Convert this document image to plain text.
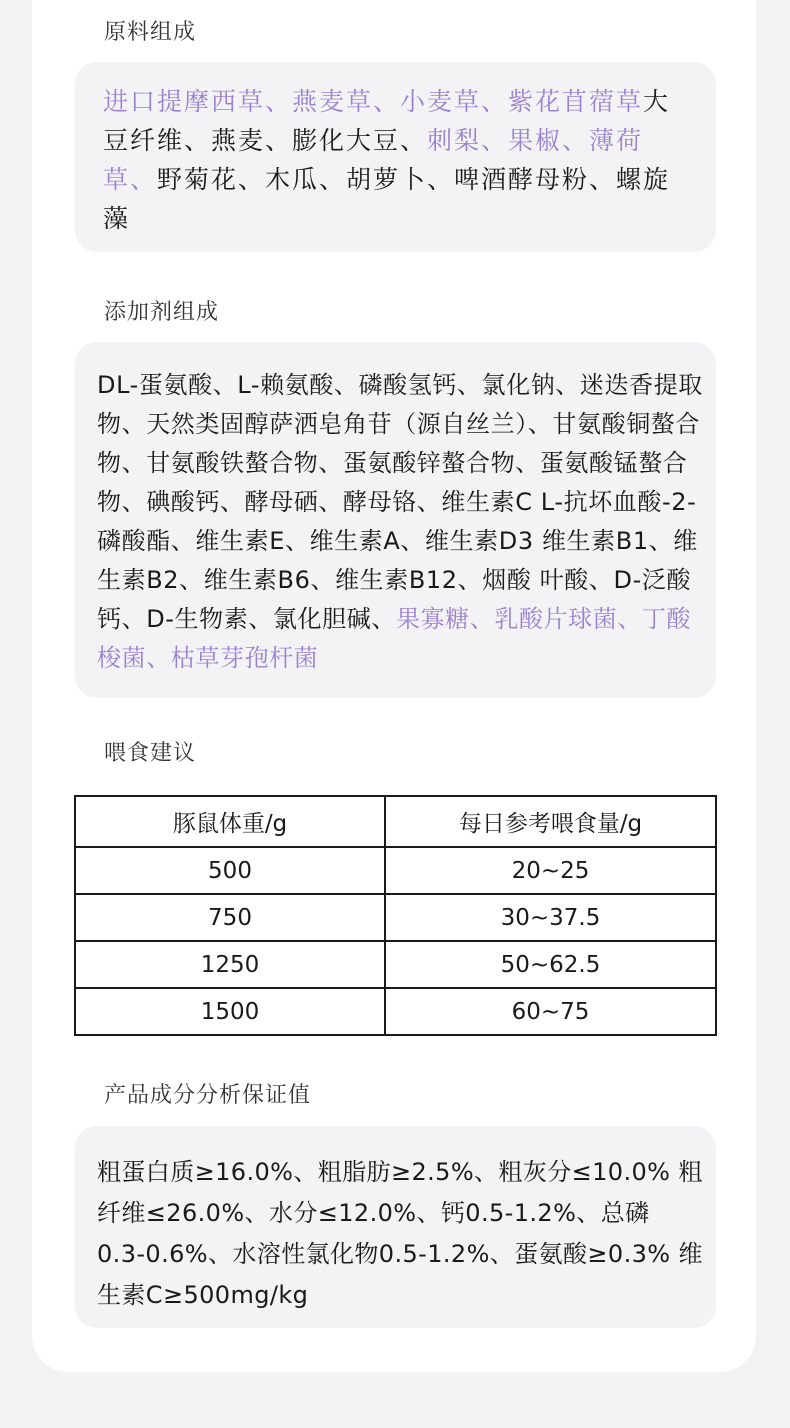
原料组成

进口提摩西草、燕麦草、小麦草、紫花苜蓿草大豆纤维、燕麦、膨化大豆、刺梨、果椒、薄荷草、野菊花、木瓜、胡萝卜、啤酒酵母粉、螺旋藻

添加剂组成

DL-蛋氨酸、L-赖氨酸、磷酸氢钙、氯化钠、迷迭香提取物、天然类固醇萨洒皂角苷（源自丝兰）、甘氨酸铜螯合物、甘氨酸铁螯合物、蛋氨酸锌螯合物、蛋氨酸锰螯合物、碘酸钙、酵母硒、酵母铬、维生素C L-抗坏血酸-2-磷酸酯、维生素E、维生素A、维生素D3 维生素B1、维生素B2、维生素B6、维生素B12、烟酸 叶酸、D-泛酸钙、D-生物素、氯化胆碱、果寡糖、乳酸片球菌、丁酸梭菌、枯草芽孢杆菌

喂食建议
豚鼠体重/g	每日参考喂食量/g
500	20~25
750	30~37.5
1250	50~62.5
1500	60~75
产品成分分析保证值

粗蛋白质≥16.0%、粗脂肪≥2.5%、粗灰分≤10.0% 粗纤维≤26.0%、水分≤12.0%、钙0.5-1.2%、总磷 0.3-0.6%、水溶性氯化物0.5-1.2%、蛋氨酸≥0.3% 维生素C≥500mg/kg
